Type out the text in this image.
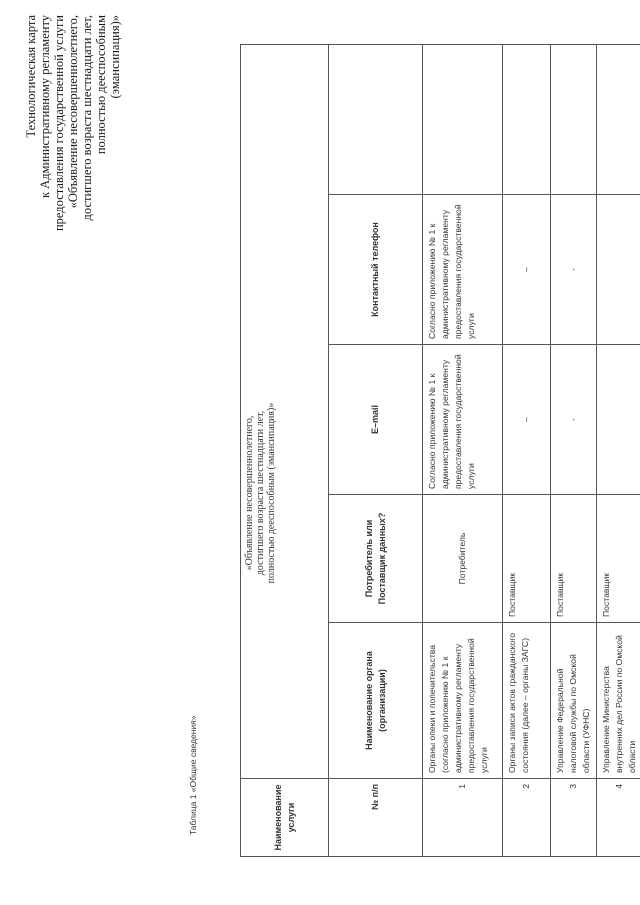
Технологическая карта к Административному регламенту предоставления государственной услуги «Объявление несовершеннолетнего, достигшего возраста шестнадцати лет, полностью дееспособным (эмансипация)»
Таблица 1 «Общие сведения»	Наименование услуги	«Объявление несовершеннолетнего, достигшего возраста шестнадцати лет, полностью дееспособным (эмансипация)»				

№ п/п	Наименование органа (организации)	Потребитель или Поставщик данных?	E–mail	Контактный телефон	
1	Органы опеки и попечительства (согласно приложению № 1 к административному регламенту предоставления государственной услуги	Потребитель	Согласно приложению № 1 к административному регламенту предоставления государственной услуги	Согласно приложению № 1 к административному регламенту предоставления государственной услуги	
2	Органы записи актов гражданского состояния (далее – органы ЗАГС)	Поставщик	–	–	
3	Управление Федеральной налоговой службы по Омской области (УФНС)	Поставщик	-	-	
4	Управление Министерства внутренних дел России по Омской области	Поставщик			
